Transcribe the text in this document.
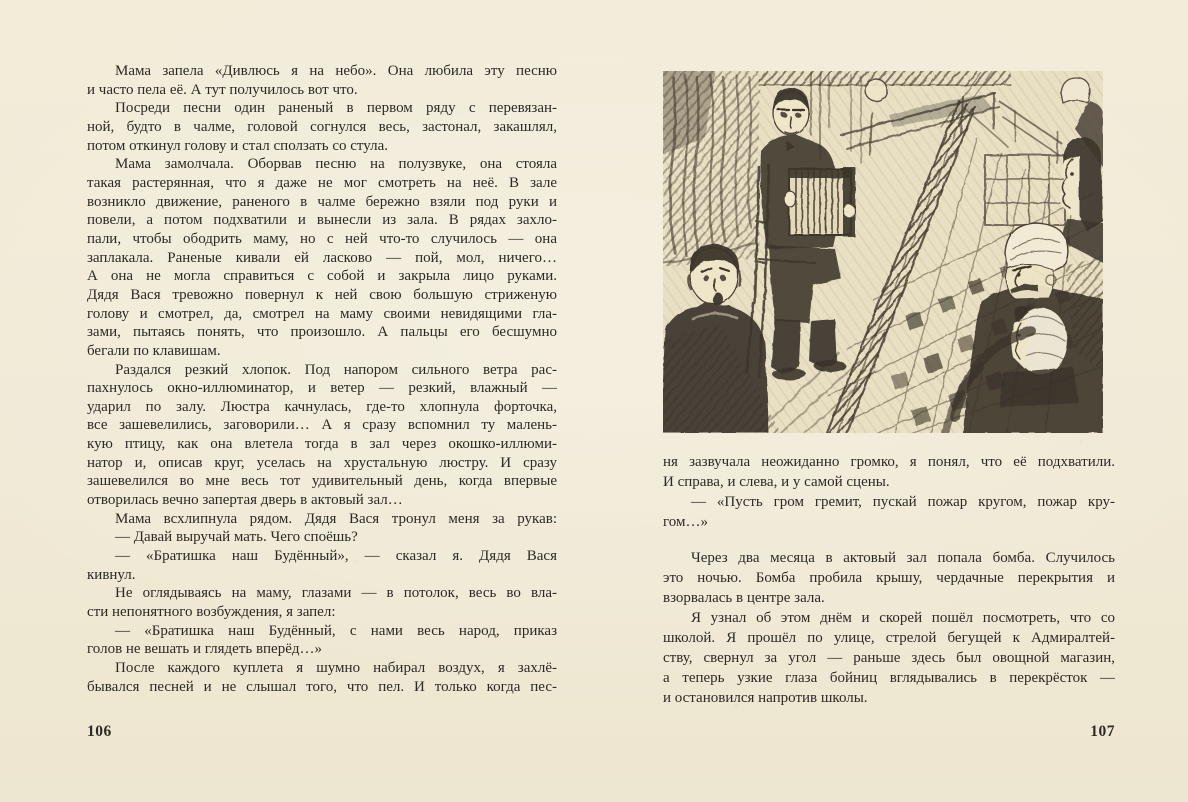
Мама запела «Дивлюсь я на небо». Она любила эту песню
и часто пела её. А тут получилось вот что.

Посреди песни один раненый в первом ряду с перевязан-
ной, будто в чалме, головой согнулся весь, застонал, закашлял,
потом откинул голову и стал сползать со стула.

Мама замолчала. Оборвав песню на полузвуке, она стояла
такая растерянная, что я даже не мог смотреть на неё. В зале
возникло движение, раненого в чалме бережно взяли под руки и
повели, а потом подхватили и вынесли из зала. В рядах захло-
пали, чтобы ободрить маму, но с ней что-то случилось — она
заплакала. Раненые кивали ей ласково — пой, мол, ничего…
А она не могла справиться с собой и закрыла лицо руками.
Дядя Вася тревожно повернул к ней свою большую стриженую
голову и смотрел, да, смотрел на маму своими невидящими гла-
зами, пытаясь понять, что произошло. А пальцы его бесшумно
бегали по клавишам.

Раздался резкий хлопок. Под напором сильного ветра рас-
пахнулось окно-иллюминатор, и ветер — резкий, влажный —
ударил по залу. Люстра качнулась, где-то хлопнула форточка,
все зашевелились, заговорили… А я сразу вспомнил ту малень-
кую птицу, как она влетела тогда в зал через окошко-иллюми-
натор и, описав круг, уселась на хрустальную люстру. И сразу
зашевелился во мне весь тот удивительный день, когда впервые
отворилась вечно запертая дверь в актовый зал…

Мама всхлипнула рядом. Дядя Вася тронул меня за рукав:

— Давай выручай мать. Чего споёшь?

— «Братишка наш Будённый», — сказал я. Дядя Вася
кивнул.

Не оглядываясь на маму, глазами — в потолок, весь во вла-
сти непонятного возбуждения, я запел:

— «Братишка наш Будённый, с нами весь народ, приказ
голов не вешать и глядеть вперёд…»

После каждого куплета я шумно набирал воздух, я захлё-
бывался песней и не слышал того, что пел. И только когда пес-

106

ня зазвучала неожиданно громко, я понял, что её подхватили.
И справа, и слева, и у самой сцены.

— «Пусть гром гремит, пускай пожар кругом, пожар кру-
гом…»

Через два месяца в актовый зал попала бомба. Случилось
это ночью. Бомба пробила крышу, чердачные перекрытия и
взорвалась в центре зала.

Я узнал об этом днём и скорей пошёл посмотреть, что со
школой. Я прошёл по улице, стрелой бегущей к Адмиралтей-
ству, свернул за угол — раньше здесь был овощной магазин,
а теперь узкие глаза бойниц вглядывались в перекрёсток —
и остановился напротив школы.

107
